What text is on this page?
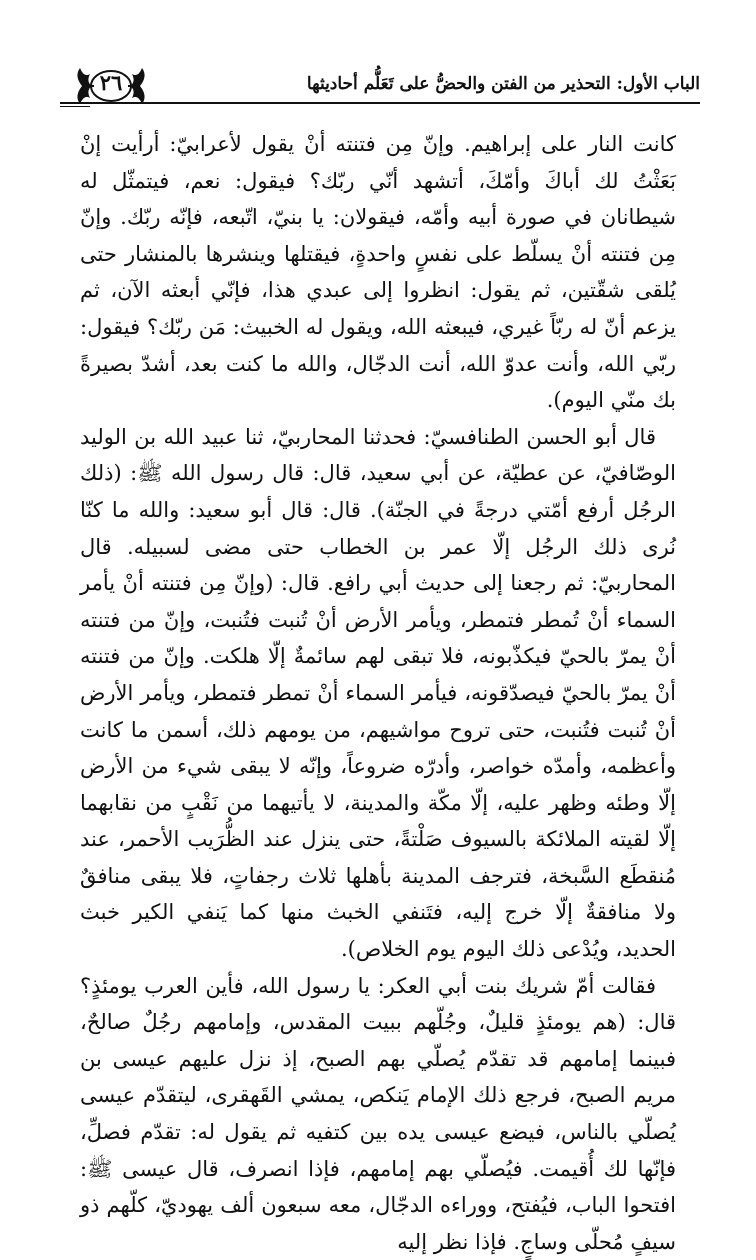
الباب الأول: التحذير من الفتن والحضُّ على تَعَلُّم أحاديثها
٢٦

كانت النار على إبراهيم. وإنّ مِن فتنته أنْ يقول لأعرابيّ: أرأيت إنْ بَعَثْتُ لك أباكَ وأمّكَ، أتشهد أنّي ربّك؟ فيقول: نعم، فيتمثّل له شيطانان في صورة أبيه وأمّه، فيقولان: يا بنيّ، اتّبعه، فإنّه ربّك. وإنّ مِن فتنته أنْ يسلّط على نفسٍ واحدةٍ، فيقتلها وينشرها بالمنشار حتى يُلقى شقّتين، ثم يقول: انظروا إلى عبدي هذا، فإنّي أبعثه الآن، ثم يزعم أنّ له ربّاً غيري، فيبعثه الله، ويقول له الخبيث: مَن ربّك؟ فيقول: ربّي الله، وأنت عدوّ الله، أنت الدجّال، والله ما كنت بعد، أشدّ بصيرةً بك منّي اليوم).

قال أبو الحسن الطنافسيّ: فحدثنا المحاربيّ، ثنا عبيد الله بن الوليد الوصّافيّ، عن عطيّة، عن أبي سعيد، قال: قال رسول الله ﷺ: (ذلك الرجُل أرفع أمّتي درجةً في الجنّة). قال: قال أبو سعيد: والله ما كنّا نُرى ذلك الرجُل إلّا عمر بن الخطاب حتى مضى لسبيله. قال المحاربيّ: ثم رجعنا إلى حديث أبي رافع. قال: (وإنّ مِن فتنته أنْ يأمر السماء أنْ تُمطر فتمطر، ويأمر الأرض أنْ تُنبت فتُنبت، وإنّ من فتنته أنْ يمرّ بالحيّ فيكذّبونه، فلا تبقى لهم سائمةٌ إلّا هلكت. وإنّ من فتنته أنْ يمرّ بالحيّ فيصدّقونه، فيأمر السماء أنْ تمطر فتمطر، ويأمر الأرض أنْ تُنبت فتُنبت، حتى تروح مواشيهم، من يومهم ذلك، أسمن ما كانت وأعظمه، وأمدّه خواصر، وأدرّه ضروعاً، وإنّه لا يبقى شيء من الأرض إلّا وطئه وظهر عليه، إلّا مكّة والمدينة، لا يأتيهما من نَقْبٍ من نقابهما إلّا لقيته الملائكة بالسيوف صَلْتةً، حتى ينزل عند الظُّرَيب الأحمر، عند مُنقطَع السَّبخة، فترجف المدينة بأهلها ثلاث رجفاتٍ، فلا يبقى منافقٌ ولا منافقةٌ إلّا خرج إليه، فتَنفي الخبث منها كما يَنفي الكير خبث الحديد، ويُدْعى ذلك اليوم يوم الخلاص).

فقالت أمّ شريك بنت أبي العكر: يا رسول الله، فأين العرب يومئذٍ؟ قال: (هم يومئذٍ قليلٌ، وجُلّهم ببيت المقدس، وإمامهم رجُلٌ صالحٌ، فبينما إمامهم قد تقدّم يُصلّي بهم الصبح، إذ نزل عليهم عيسى بن مريم الصبح، فرجع ذلك الإمام يَنكص، يمشي القَهقرى، ليتقدّم عيسى يُصلّي بالناس، فيضع عيسى يده بين كتفيه ثم يقول له: تقدّم فصلِّ، فإنّها لك أُقيمت. فيُصلّي بهم إمامهم، فإذا انصرف، قال عيسى ﷺ: افتحوا الباب، فيُفتح، ووراءه الدجّال، معه سبعون ألف يهوديّ، كلّهم ذو سيفٍ مُحلّى وساجٍ. فإذا نظر إليه
